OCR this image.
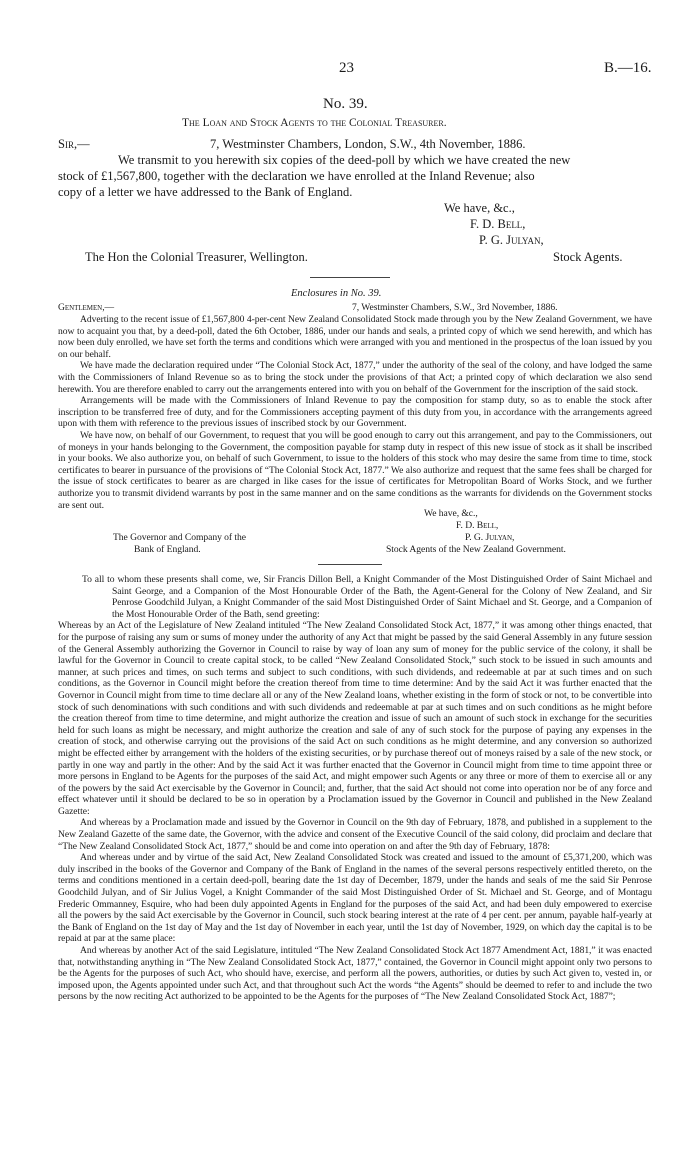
23	B.—16.
No. 39.
The Loan and Stock Agents to the Colonial Treasurer.
Sir,—	7, Westminster Chambers, London, S.W., 4th November, 1886.
We transmit to you herewith six copies of the deed-poll by which we have created the new
stock of £1,567,800, together with the declaration we have enrolled at the Inland Revenue; also
copy of a letter we have addressed to the Bank of England.
We have, &c.,
F. D. Bell,
P. G. Julyan,
The Hon the Colonial Treasurer, Wellington.	Stock Agents.
Enclosures in No. 39.
Gentlemen,—	7, Westminster Chambers, S.W., 3rd November, 1886.

Adverting to the recent issue of £1,567,800 4-per-cent New Zealand Consolidated Stock made through you by the New Zealand Government, we have now to acquaint you that, by a deed-poll, dated the 6th October, 1886, under our hands and seals, a printed copy of which we send herewith, and which has now been duly enrolled, we have set forth the terms and conditions which were arranged with you and mentioned in the prospectus of the loan issued by you on our behalf.

We have made the declaration required under “The Colonial Stock Act, 1877,” under the authority of the seal of the colony, and have lodged the same with the Commissioners of Inland Revenue so as to bring the stock under the provisions of that Act; a printed copy of which declaration we also send herewith. You are therefore enabled to carry out the arrangements entered into with you on behalf of the Government for the inscription of the said stock.

Arrangements will be made with the Commissioners of Inland Revenue to pay the composition for stamp duty, so as to enable the stock after inscription to be transferred free of duty, and for the Commissioners accepting payment of this duty from you, in accordance with the arrangements agreed upon with them with reference to the previous issues of inscribed stock by our Government.

We have now, on behalf of our Government, to request that you will be good enough to carry out this arrangement, and pay to the Commissioners, out of moneys in your hands belonging to the Government, the composition payable for stamp duty in respect of this new issue of stock as it shall be inscribed in your books. We also authorize you, on behalf of such Government, to issue to the holders of this stock who may desire the same from time to time, stock certificates to bearer in pursuance of the provisions of “The Colonial Stock Act, 1877.” We also authorize and request that the same fees shall be charged for the issue of stock certificates to bearer as are charged in like cases for the issue of certificates for Metropolitan Board of Works Stock, and we further authorize you to transmit dividend warrants by post in the same manner and on the same conditions as the warrants for dividends on the Government stocks are sent out.

We have, &c.,
F. D. Bell,
The Governor and Company of the	P. G. Julyan,
Bank of England.	Stock Agents of the New Zealand Government.

To all to whom these presents shall come, we, Sir Francis Dillon Bell, a Knight Commander of the Most Distinguished Order of Saint Michael and Saint George, and a Companion of the Most Honourable Order of the Bath, the Agent-General for the Colony of New Zealand, and Sir Penrose Goodchild Julyan, a Knight Commander of the said Most Distinguished Order of Saint Michael and St. George, and a Companion of the Most Honourable Order of the Bath, send greeting:

Whereas by an Act of the Legislature of New Zealand intituled “The New Zealand Consolidated Stock Act, 1877,” it was among other things enacted, that for the purpose of raising any sum or sums of money under the authority of any Act that might be passed by the said General Assembly in any future session of the General Assembly authorizing the Governor in Council to raise by way of loan any sum of money for the public service of the colony, it shall be lawful for the Governor in Council to create capital stock, to be called “New Zealand Consolidated Stock,” such stock to be issued in such amounts and manner, at such prices and times, on such terms and subject to such conditions, with such dividends, and redeemable at par at such times and on such conditions, as the Governor in Council might before the creation thereof from time to time determine: And by the said Act it was further enacted that the Governor in Council might from time to time declare all or any of the New Zealand loans, whether existing in the form of stock or not, to be convertible into stock of such denominations with such conditions and with such dividends and redeemable at par at such times and on such conditions as he might before the creation thereof from time to time determine, and might authorize the creation and issue of such an amount of such stock in exchange for the securities held for such loans as might be necessary, and might authorize the creation and sale of any of such stock for the purpose of paying any expenses in the creation of stock, and otherwise carrying out the provisions of the said Act on such conditions as he might determine, and any conversion so authorized might be effected either by arrangement with the holders of the existing securities, or by purchase thereof out of moneys raised by a sale of the new stock, or partly in one way and partly in the other: And by the said Act it was further enacted that the Governor in Council might from time to time appoint three or more persons in England to be Agents for the purposes of the said Act, and might empower such Agents or any three or more of them to exercise all or any of the powers by the said Act exercisable by the Governor in Council; and, further, that the said Act should not come into operation nor be of any force and effect whatever until it should be declared to be so in operation by a Proclamation issued by the Governor in Council and published in the New Zealand Gazette:

And whereas by a Proclamation made and issued by the Governor in Council on the 9th day of February, 1878, and published in a supplement to the New Zealand Gazette of the same date, the Governor, with the advice and consent of the Executive Council of the said colony, did proclaim and declare that “The New Zealand Consolidated Stock Act, 1877,” should be and come into operation on and after the 9th day of February, 1878:

And whereas under and by virtue of the said Act, New Zealand Consolidated Stock was created and issued to the amount of £5,371,200, which was duly inscribed in the books of the Governor and Company of the Bank of England in the names of the several persons respectively entitled thereto, on the terms and conditions mentioned in a certain deed-poll, bearing date the 1st day of December, 1879, under the hands and seals of me the said Sir Penrose Goodchild Julyan, and of Sir Julius Vogel, a Knight Commander of the said Most Distinguished Order of St. Michael and St. George, and of Montagu Frederic Ommanney, Esquire, who had been duly appointed Agents in England for the purposes of the said Act, and had been duly empowered to exercise all the powers by the said Act exercisable by the Governor in Council, such stock bearing interest at the rate of 4 per cent. per annum, payable half-yearly at the Bank of England on the 1st day of May and the 1st day of November in each year, until the 1st day of November, 1929, on which day the capital is to be repaid at par at the same place:

And whereas by another Act of the said Legislature, intituled “The New Zealand Consolidated Stock Act 1877 Amendment Act, 1881,” it was enacted that, notwithstanding anything in “The New Zealand Consolidated Stock Act, 1877,” contained, the Governor in Council might appoint only two persons to be the Agents for the purposes of such Act, who should have, exercise, and perform all the powers, authorities, or duties by such Act given to, vested in, or imposed upon, the Agents appointed under such Act, and that throughout such Act the words “the Agents” should be deemed to refer to and include the two persons by the now reciting Act authorized to be appointed to be the Agents for the purposes of “The New Zealand Consolidated Stock Act, 1887”;
